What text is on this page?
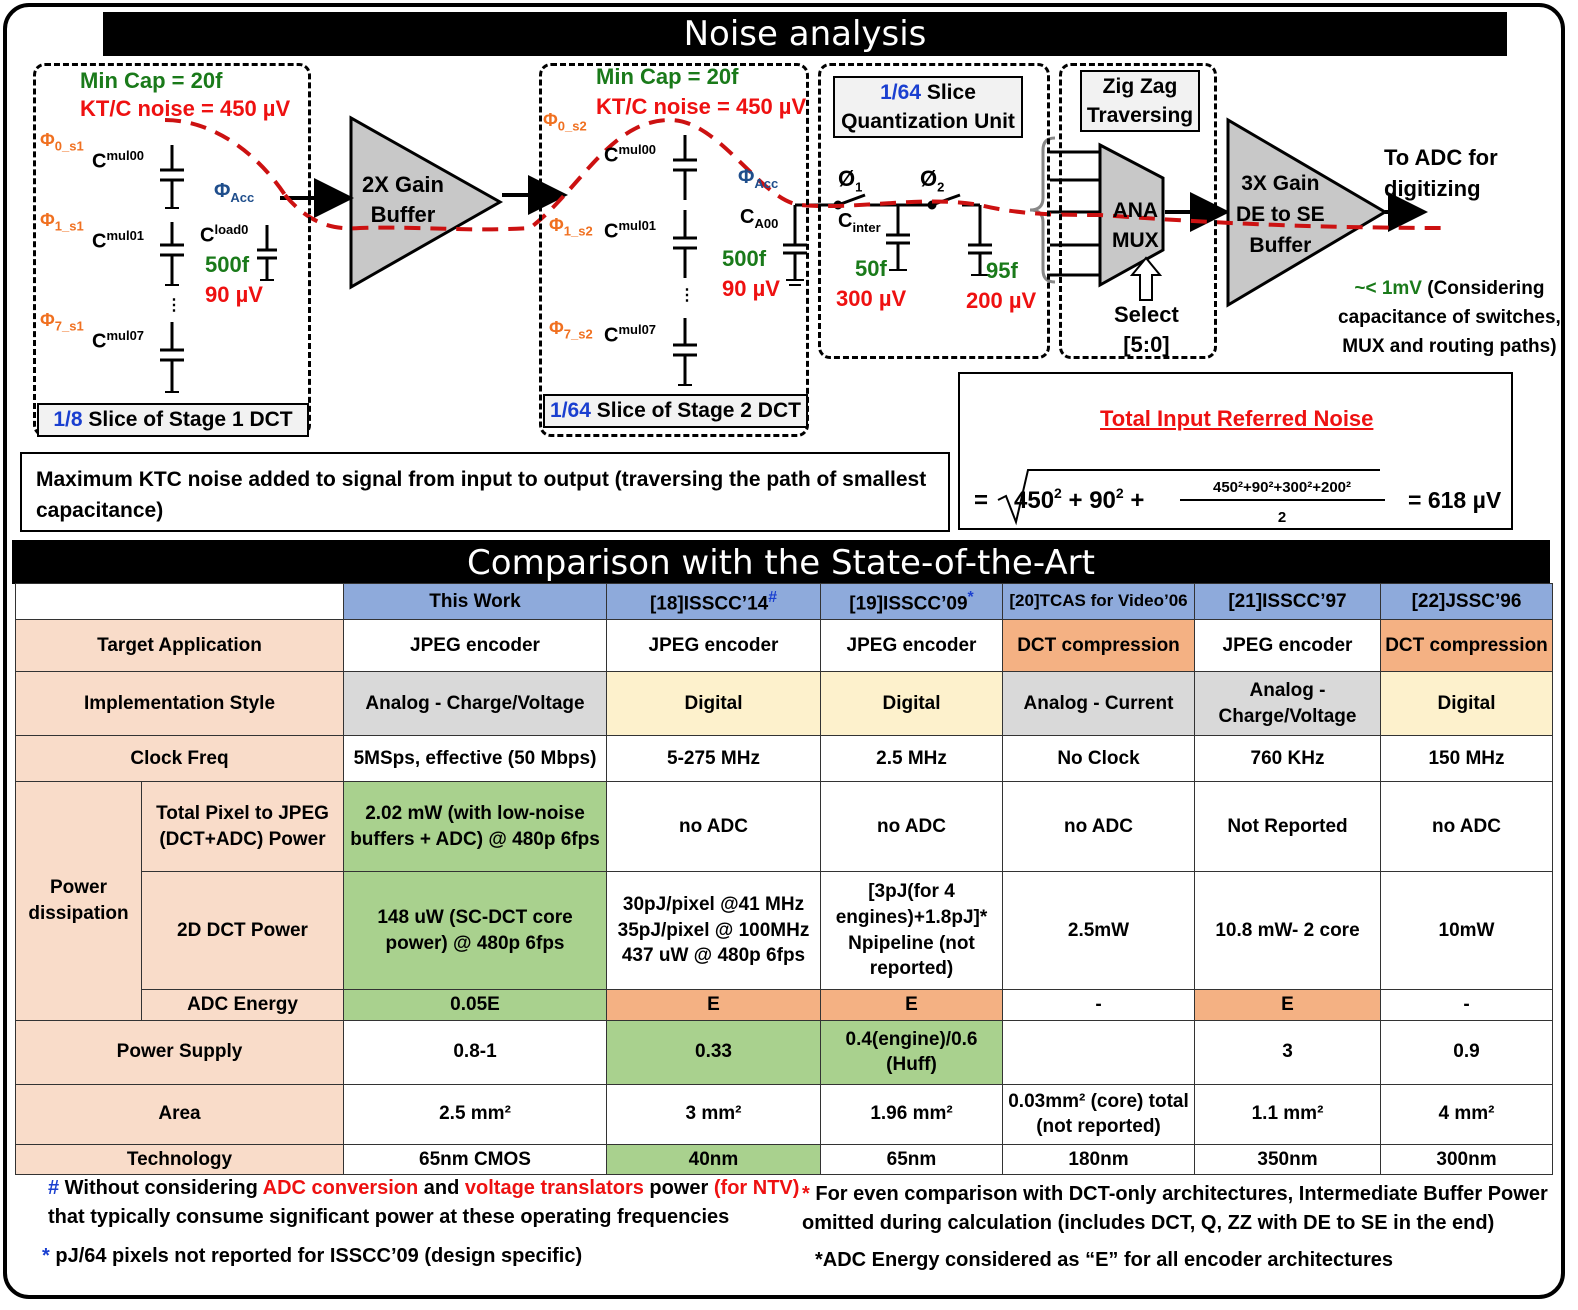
Noise analysis
⋮
⋮
Min Cap = 20f
KT/C noise = 450 µV
$\Phi_{0\_s1}$
$C^{mul00}$
$\Phi_{1\_s1}$
$C^{mul01}$
$\Phi_{7\_s1}$
$C^{mul07}$
$\Phi_{Acc}$
$C^{load0}$
500f
90 µV
1/8 Slice of Stage 1 DCT
2X Gain
Buffer
Min Cap = 20f
KT/C noise = 450 µV
$\Phi_{0\_s2}$
$C^{mul00}$
$\Phi_{1\_s2}$ $C^{mul01}$
$\Phi_{7\_s2}$ $C^{mul07}$
$\Phi_{Acc}$
$C_{A00}$
500f
90 µV
1/64 Slice of Stage 2 DCT
1/64 Slice
Quantization Unit
$Ø_1$	$Ø_2$
$C_{inter}$
50f
300 µV
95f
200 µV
Zig Zag
Traversing
ANA
MUX
Select
[5:0]
3X Gain
DE to SE
Buffer
To ADC for
digitizing
~< 1mV (Considering
capacitance of switches,
MUX and routing paths)
Maximum KTC noise added to signal from input to output (traversing the path of smallest capacitance)
Total Input Referred Noise
= $450^2 + 90^2$ +	450²+90²+300²+200²
2
= 618 µV
Comparison with the State-of-the-Art
		This Work	[18]ISSCC’14#	[19]ISSCC’09*	[20]TCAS for Video’06	[21]ISSCC’97	[22]JSSC’96
Target Application		JPEG encoder	JPEG encoder	JPEG encoder	DCT compression	JPEG encoder	DCT compression
Implementation Style		Analog - Charge/Voltage	Digital	Digital	Analog - Current	Analog - Charge/Voltage	Digital
Clock Freq		5MSps, effective (50 Mbps)	5-275 MHz	2.5 MHz	No Clock	760 KHz	150 MHz
Power dissipation	Total Pixel to JPEG (DCT+ADC) Power	2.02 mW (with low-noise buffers + ADC) @ 480p 6fps	no ADC	no ADC	no ADC	Not Reported	no ADC
	2D DCT Power	148 uW (SC-DCT core power) @ 480p 6fps	30pJ/pixel @41 MHz 35pJ/pixel @ 100MHz 437 uW @ 480p 6fps	[3pJ(for 4 engines)+1.8pJ]* Npipeline (not reported)	2.5mW	10.8 mW- 2 core	10mW
	ADC Energy	0.05E	E	E	-	E	-
Power Supply		0.8-1	0.33	0.4(engine)/0.6 (Huff)		3	0.9
Area		2.5 mm²	3 mm²	1.96 mm²	0.03mm² (core) total (not reported)	1.1 mm²	4 mm²
Technology		65nm CMOS	40nm	65nm	180nm	350nm	300nm
# Without considering ADC conversion and voltage translators power (for NTV)
that typically consume significant power at these operating frequencies
* pJ/64 pixels not reported for ISSCC’09 (design specific)
* For even comparison with DCT-only architectures, Intermediate Buffer Power
omitted during calculation (includes DCT, Q, ZZ with DE to SE in the end)
*ADC Energy considered as “E” for all encoder architectures
